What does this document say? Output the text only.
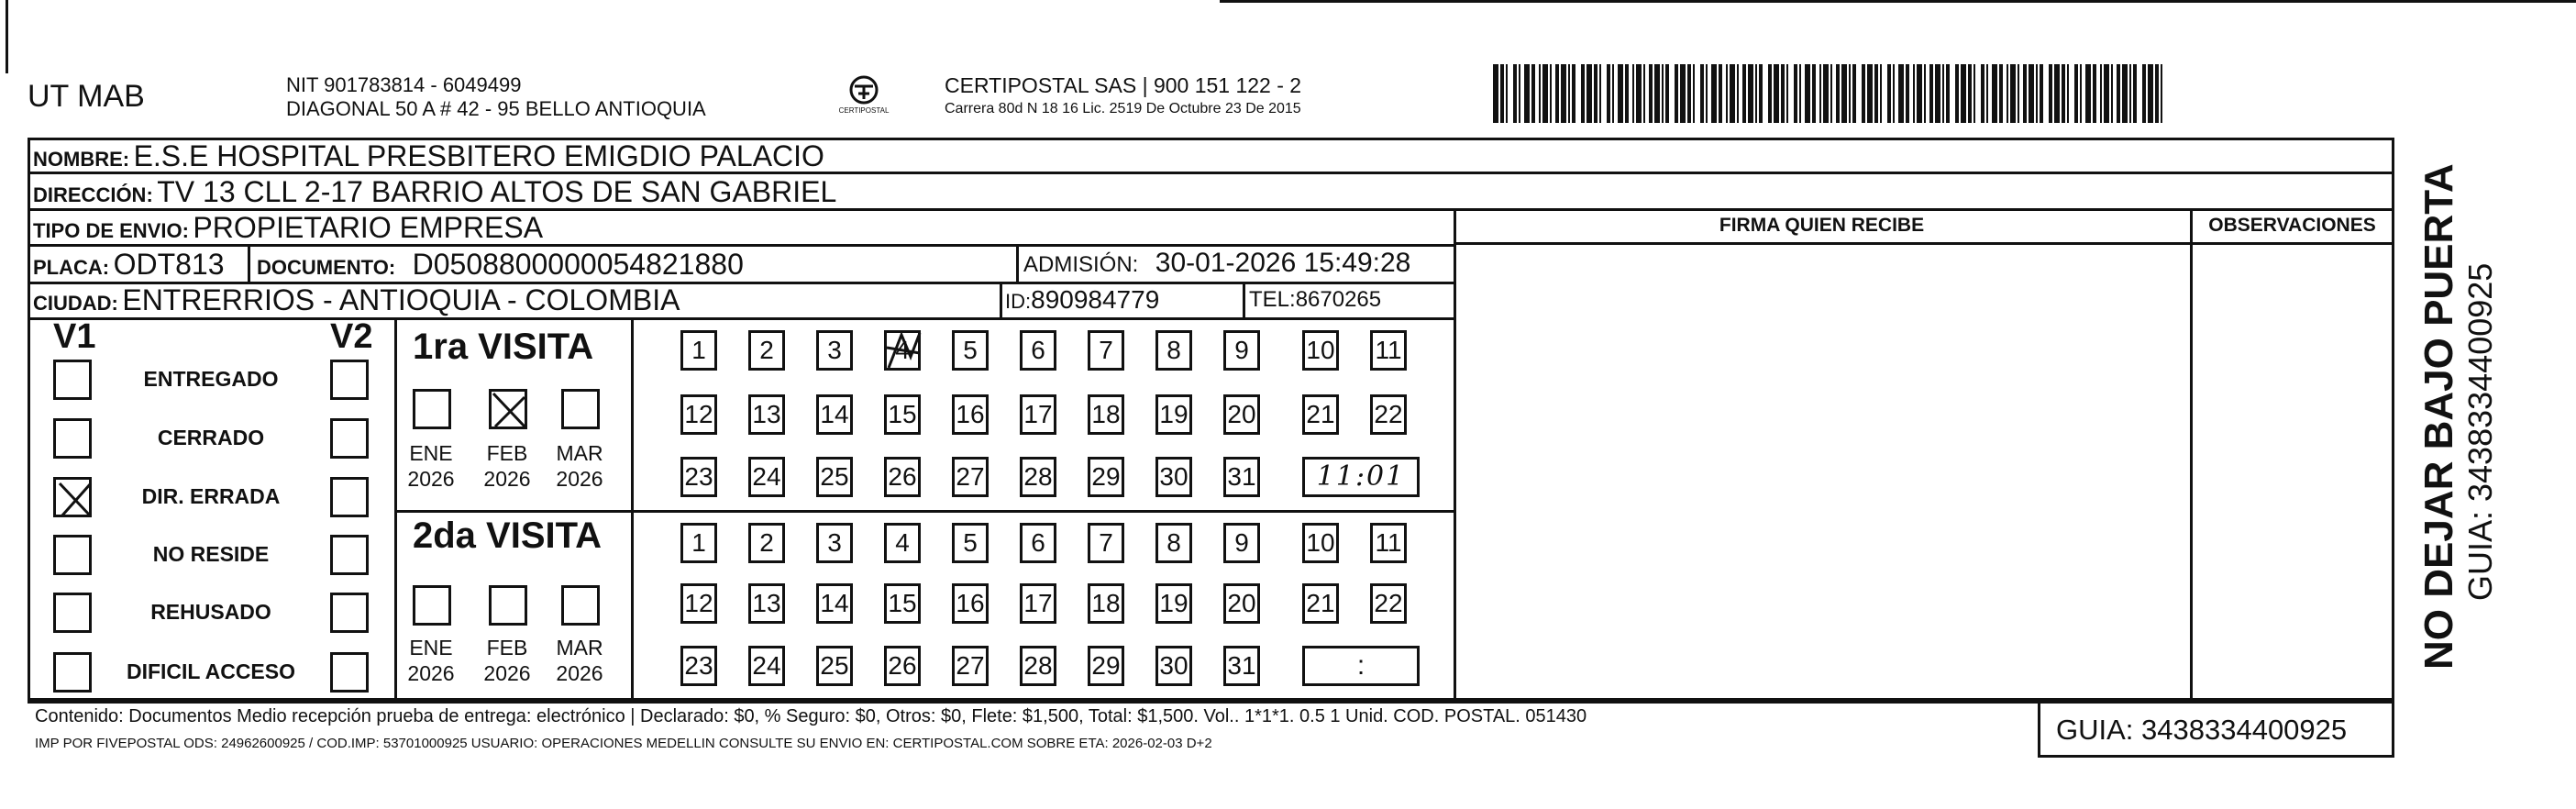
UT MAB	NIT 901783814 - 6049499
DIAGONAL 50 A # 42 - 95 BELLO ANTIOQUIA	CERTIPOSTAL
CERTIPOSTAL SAS | 900 151 122 - 2
Carrera 80d N 18 16 Lic. 2519 De Octubre 23 De 2015
NOMBRE: E.S.E HOSPITAL PRESBITERO EMIGDIO PALACIO
DIRECCIÓN: TV 13 CLL 2-17 BARRIO ALTOS DE SAN GABRIEL
TIPO DE ENVIO: PROPIETARIO EMPRESA	FIRMA QUIEN RECIBE	OBSERVACIONES
PLACA: ODT813 DOCUMENTO: D0508800000054821880	ADMISIÓN: 30-01-2026 15:49:28
CIUDAD: ENTRERRIOS - ANTIOQUIA - COLOMBIA	ID:890984779	TEL:8670265
V1	V2
ENTREGADO
CERRADO
DIR. ERRADA
NO RESIDE
REHUSADO
DIFICIL ACCESO
1ra VISITA
ENE
2026
FEB
2026
MAR
2026
1	2	3	4	5	6	7	8	9	10 11
12 13 14 15 16 17 18 19 20 21 22
23 24 25 26 27 28 29 30 31	11:01
2da VISITA
ENE
2026
FEB
2026
MAR
2026
1	2	3	4	5	6	7	8	9	10 11
12 13 14 15 16 17 18 19 20 21 22
23 24 25 26 27 28 29 30 31	:
Contenido: Documentos Medio recepción prueba de entrega: electrónico | Declarado: $0, % Seguro: $0, Otros: $0, Flete: $1,500, Total: $1,500. Vol.. 1*1*1. 0.5 1 Unid. COD. POSTAL. 051430
IMP POR FIVEPOSTAL ODS: 24962600925 / COD.IMP: 53701000925 USUARIO: OPERACIONES MEDELLIN CONSULTE SU ENVIO EN: CERTIPOSTAL.COM SOBRE ETA: 2026-02-03 D+2	GUIA: 3438334400925
NO DEJAR BAJO PUERTA GUIA: 3438334400925
